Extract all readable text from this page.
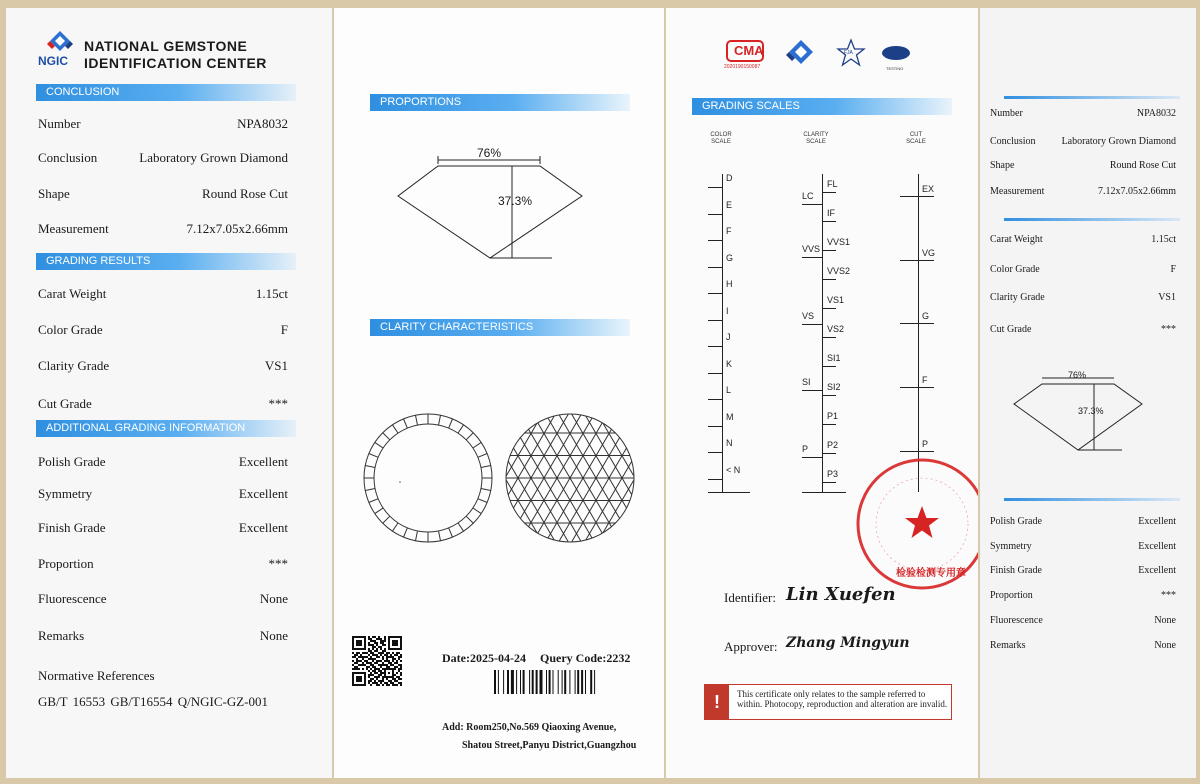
NATIONAL GEMSTONE
IDENTIFICATION CENTER
NGIC
CONCLUSION
Number	NPA8032
Conclusion	Laboratory Grown Diamond
Shape	Round Rose Cut
Measurement	7.12x7.05x2.66mm
GRADING RESULTS
Carat Weight	1.15ct
Color Grade	F
Clarity Grade	VS1
Cut Grade	***
ADDITIONAL GRADING INFORMATION
Polish Grade	Excellent
Symmetry	Excellent
Finish Grade	Excellent
Proportion	***
Fluorescence	None
Remarks	None
Normative References
GB/T 16553 GB/T16554 Q/NGIC-GZ-001
PROPORTIONS
76%
37.3%
CLARITY CHARACTERISTICS
Date:2025-04-24 Query Code:2232
Add: Room250,No.569 Qiaoxing Avenue,
Shatou Street,Panyu District,Guangzhou
CMA
2020190150087
FJA
TESTING
GRADING SCALES
COLOR
SCALE
CLARITY
SCALE
CUT
SCALE
D
E
F
G
H
I
J
K
L
M
N
< N
FL
IF
VVS1
VVS2
VS1
VS2
SI1
SI2
P1
P2
P3
LC
VVS
VS
SI
P
EX
VG
G
F
P
检验检测专用章
Identifier: Lin Xuefen
Approver: Zhang Mingyun
!	This certificate only relates to the sample referred to within. Photocopy, reproduction and alteration are invalid.
Number	NPA8032
Conclusion	Laboratory Grown Diamond
Shape	Round Rose Cut
Measurement	7.12x7.05x2.66mm
Carat Weight	1.15ct
Color Grade	F
Clarity Grade	VS1
Cut Grade	***
76%
37.3%
Polish Grade	Excellent
Symmetry	Excellent
Finish Grade	Excellent
Proportion	***
Fluorescence	None
Remarks	None
